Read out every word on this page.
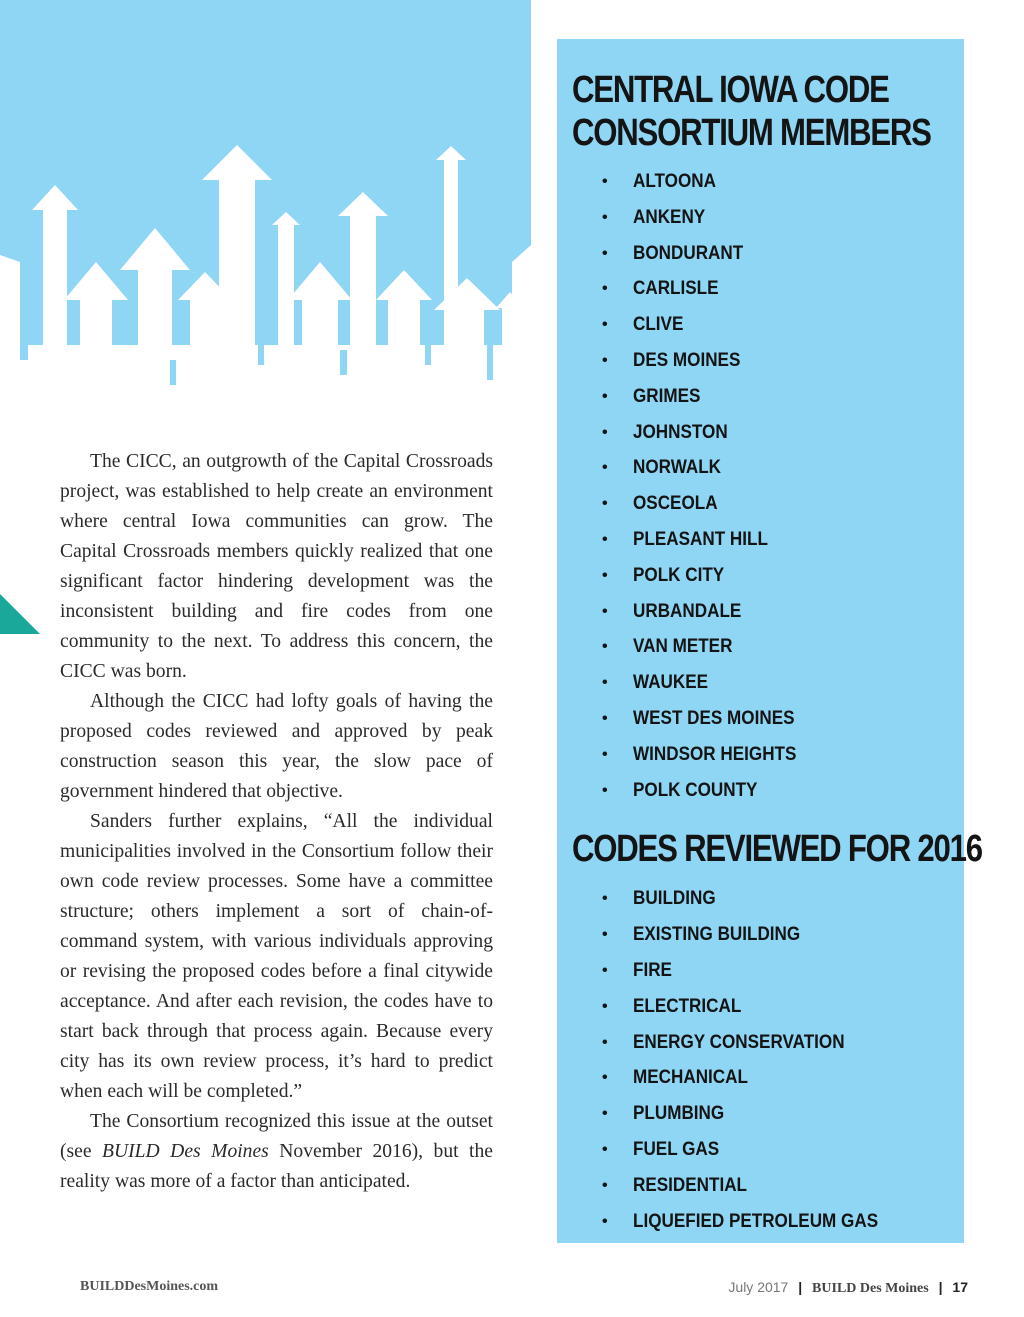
The CICC, an outgrowth of the Capital Crossroads project, was established to help create an environment where central Iowa communities can grow. The Capital Crossroads members quickly realized that one significant factor hindering development was the inconsistent building and fire codes from one community to the next. To address this concern, the CICC was born.

Although the CICC had lofty goals of having the proposed codes reviewed and approved by peak construction season this year, the slow pace of government hindered that objective.

Sanders further explains, “All the individual municipalities involved in the Consortium follow their own code review processes. Some have a committee structure; others implement a sort of chain-of-command system, with various individuals approving or revising the proposed codes before a final citywide acceptance. And after each revision, the codes have to start back through that process again. Because every city has its own review process, it’s hard to predict when each will be completed.”

The Consortium recognized this issue at the outset (see BUILD Des Moines November 2016), but the reality was more of a factor than anticipated.

CENTRAL IOWA CODE
CONSORTIUM MEMBERS
• ALTOONA
• ANKENY
• BONDURANT
• CARLISLE
• CLIVE
• DES MOINES
• GRIMES
• JOHNSTON
• NORWALK
• OSCEOLA
• PLEASANT HILL
• POLK CITY
• URBANDALE
• VAN METER
• WAUKEE
• WEST DES MOINES
• WINDSOR HEIGHTS
• POLK COUNTY
CODES REVIEWED FOR 2016
• BUILDING
• EXISTING BUILDING
• FIRE
• ELECTRICAL
• ENERGY CONSERVATION
• MECHANICAL
• PLUMBING
• FUEL GAS
• RESIDENTIAL
• LIQUEFIED PETROLEUM GAS
BUILDDesMoines.com	July 2017 | BUILD Des Moines | 17
